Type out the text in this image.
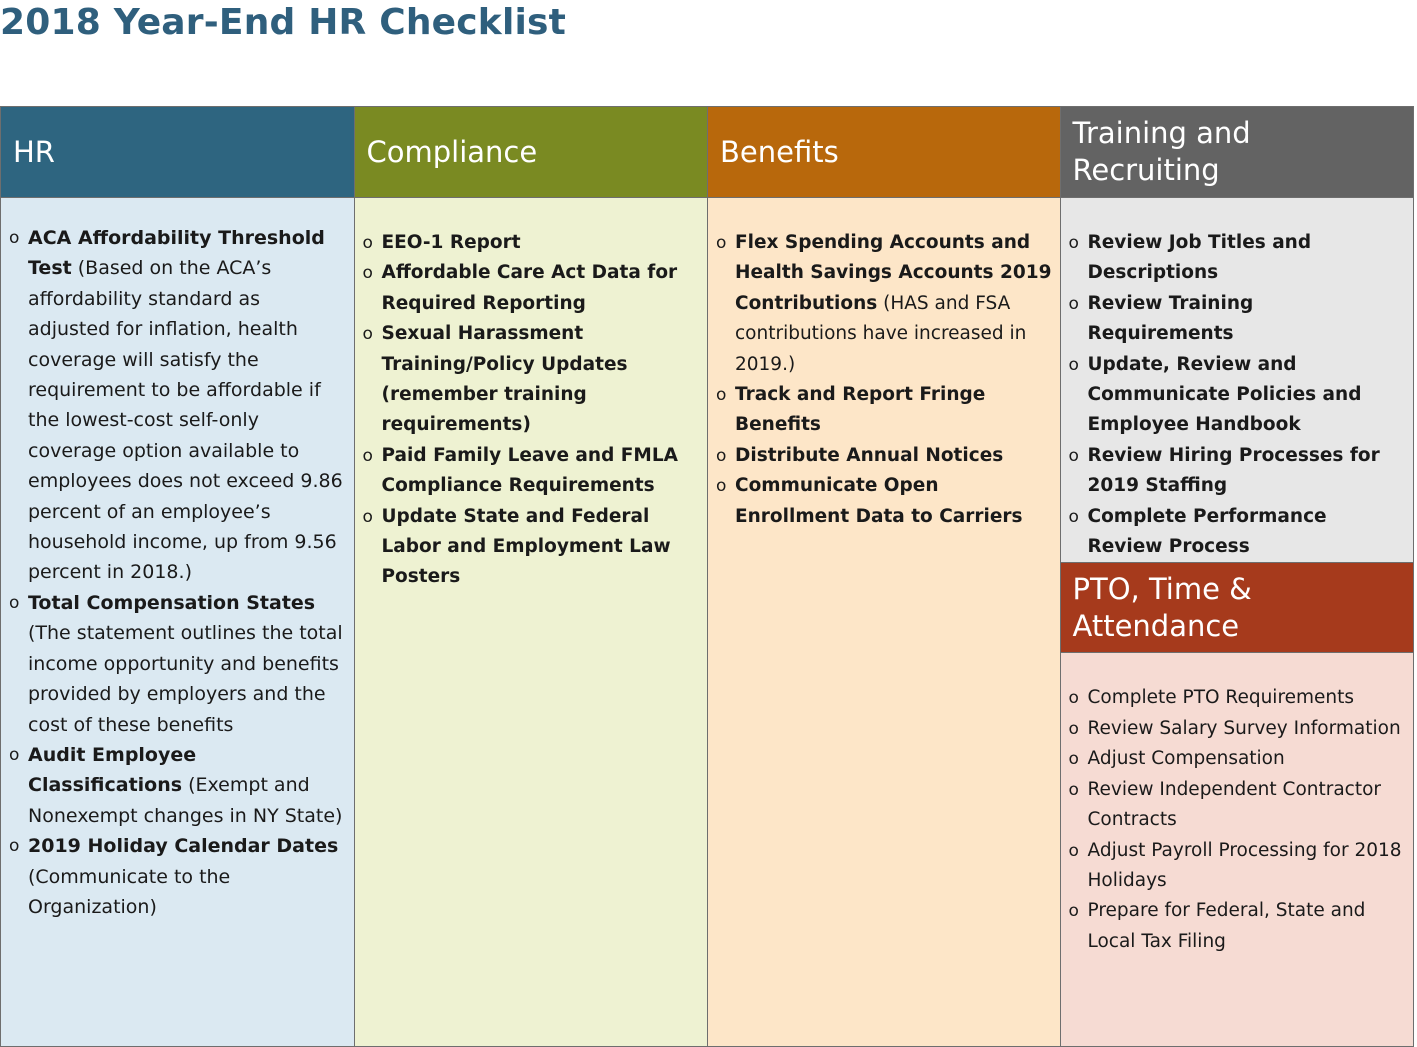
2018 Year-End HR Checklist
HR
o ACA Affordability Threshold Test (Based on the ACA’s affordability standard as adjusted for inflation, health coverage will satisfy the requirement to be affordable if the lowest-cost self-only coverage option available to employees does not exceed 9.86 percent of an employee’s household income, up from 9.56 percent in 2018.)
o Total Compensation States (The statement outlines the total income opportunity and benefits provided by employers and the cost of these benefits
o Audit Employee Classifications (Exempt and Nonexempt changes in NY State)
o 2019 Holiday Calendar Dates (Communicate to the Organization)
Compliance
o EEO-1 Report
o Affordable Care Act Data for Required Reporting
o Sexual Harassment Training/Policy Updates (remember training requirements)
o Paid Family Leave and FMLA Compliance Requirements
o Update State and Federal Labor and Employment Law Posters
Benefits
o Flex Spending Accounts and Health Savings Accounts 2019 Contributions (HAS and FSA contributions have increased in 2019.)
o Track and Report Fringe Benefits
o Distribute Annual Notices
o Communicate Open Enrollment Data to Carriers
Training and
Recruiting
o Review Job Titles and Descriptions
o Review Training Requirements
o Update, Review and Communicate Policies and Employee Handbook
o Review Hiring Processes for 2019 Staffing
o Complete Performance Review Process
PTO, Time &
Attendance
o Complete PTO Requirements
o Review Salary Survey Information
o Adjust Compensation
o Review Independent Contractor Contracts
o Adjust Payroll Processing for 2018 Holidays
o Prepare for Federal, State and Local Tax Filing
